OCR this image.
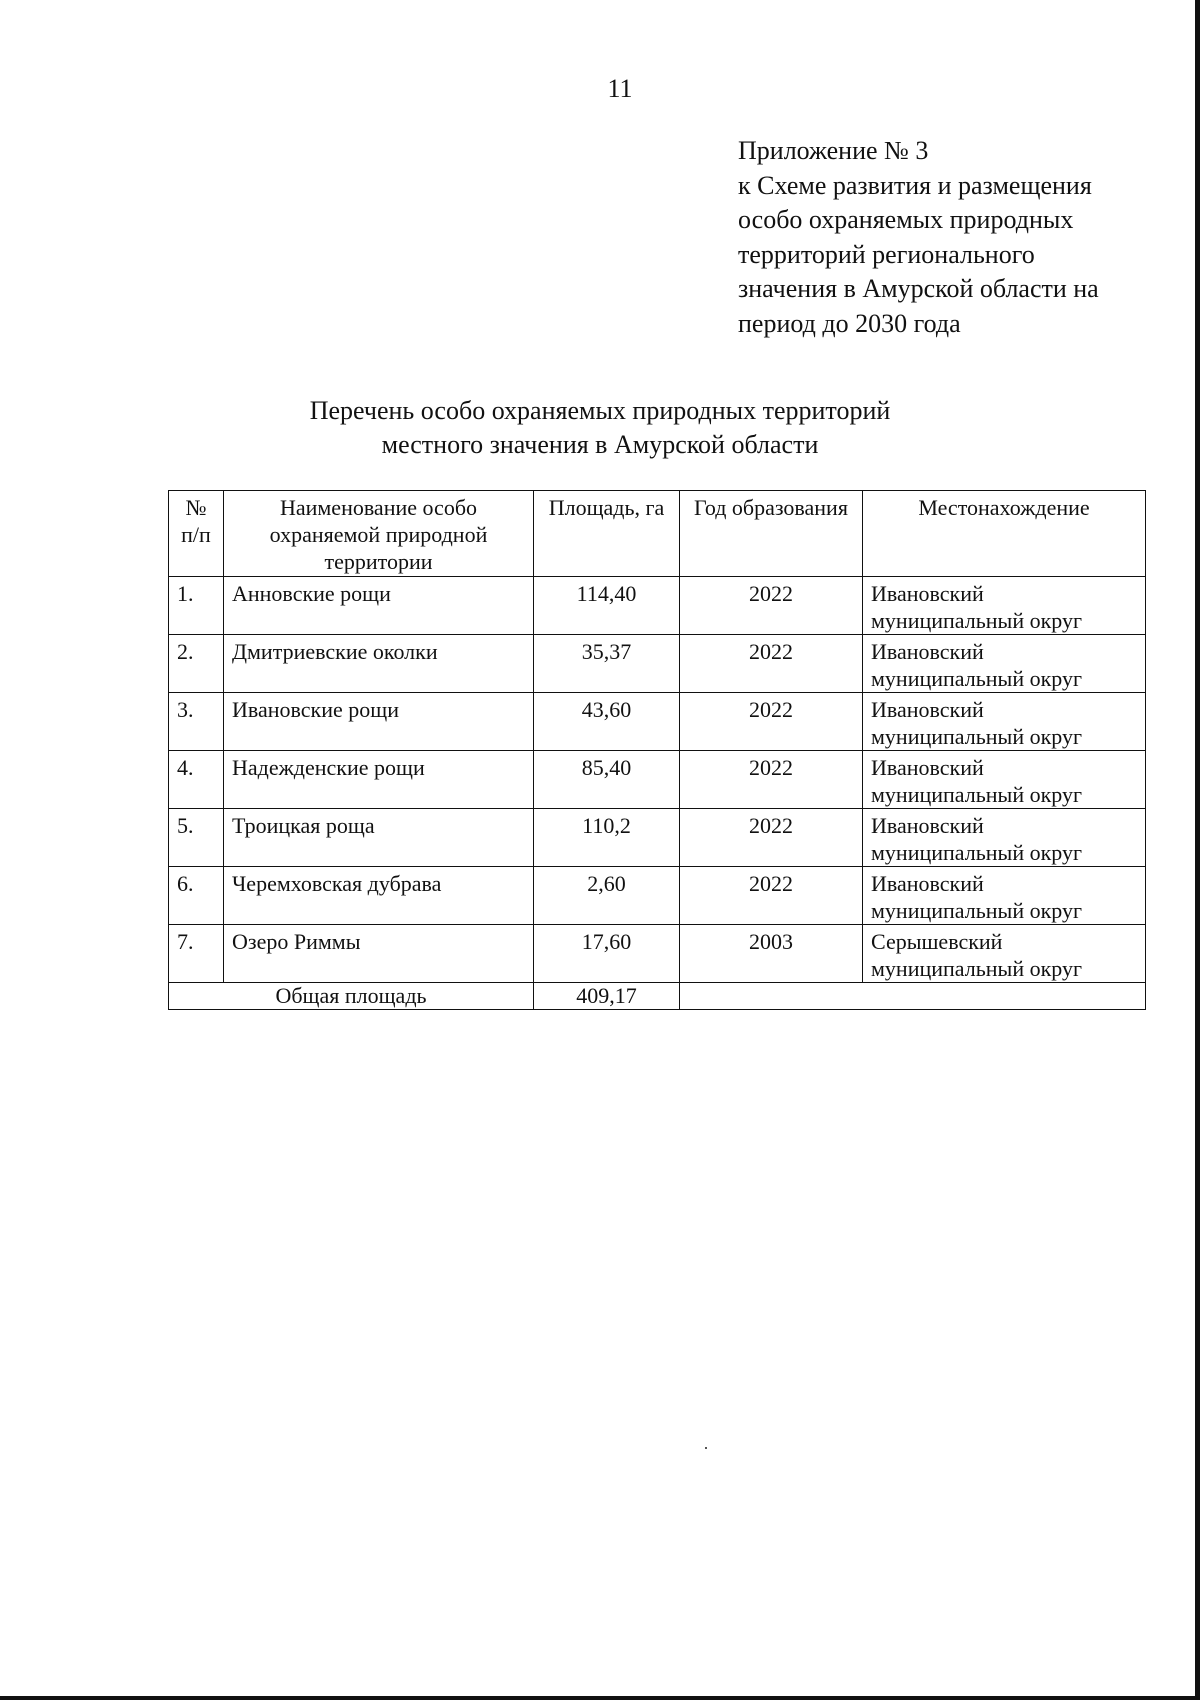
11
Приложение № 3
к Схеме развития и размещения
особо охраняемых природных
территорий регионального
значения в Амурской области на
период до 2030 года
Перечень особо охраняемых природных территорий
местного значения в Амурской области
№ п/п	Наименование особо охраняемой природной территории	Площадь, га	Год образования	Местонахождение
1.	Анновские рощи	114,40	2022	Ивановский муниципальный округ
2.	Дмитриевские околки	35,37	2022	Ивановский муниципальный округ
3.	Ивановские рощи	43,60	2022	Ивановский муниципальный округ
4.	Надежденские рощи	85,40	2022	Ивановский муниципальный округ
5.	Троицкая роща	110,2	2022	Ивановский муниципальный округ
6.	Черемховская дубрава	2,60	2022	Ивановский муниципальный округ
7.	Озеро Риммы	17,60	2003	Серышевский муниципальный округ
Общая площадь		409,17		
